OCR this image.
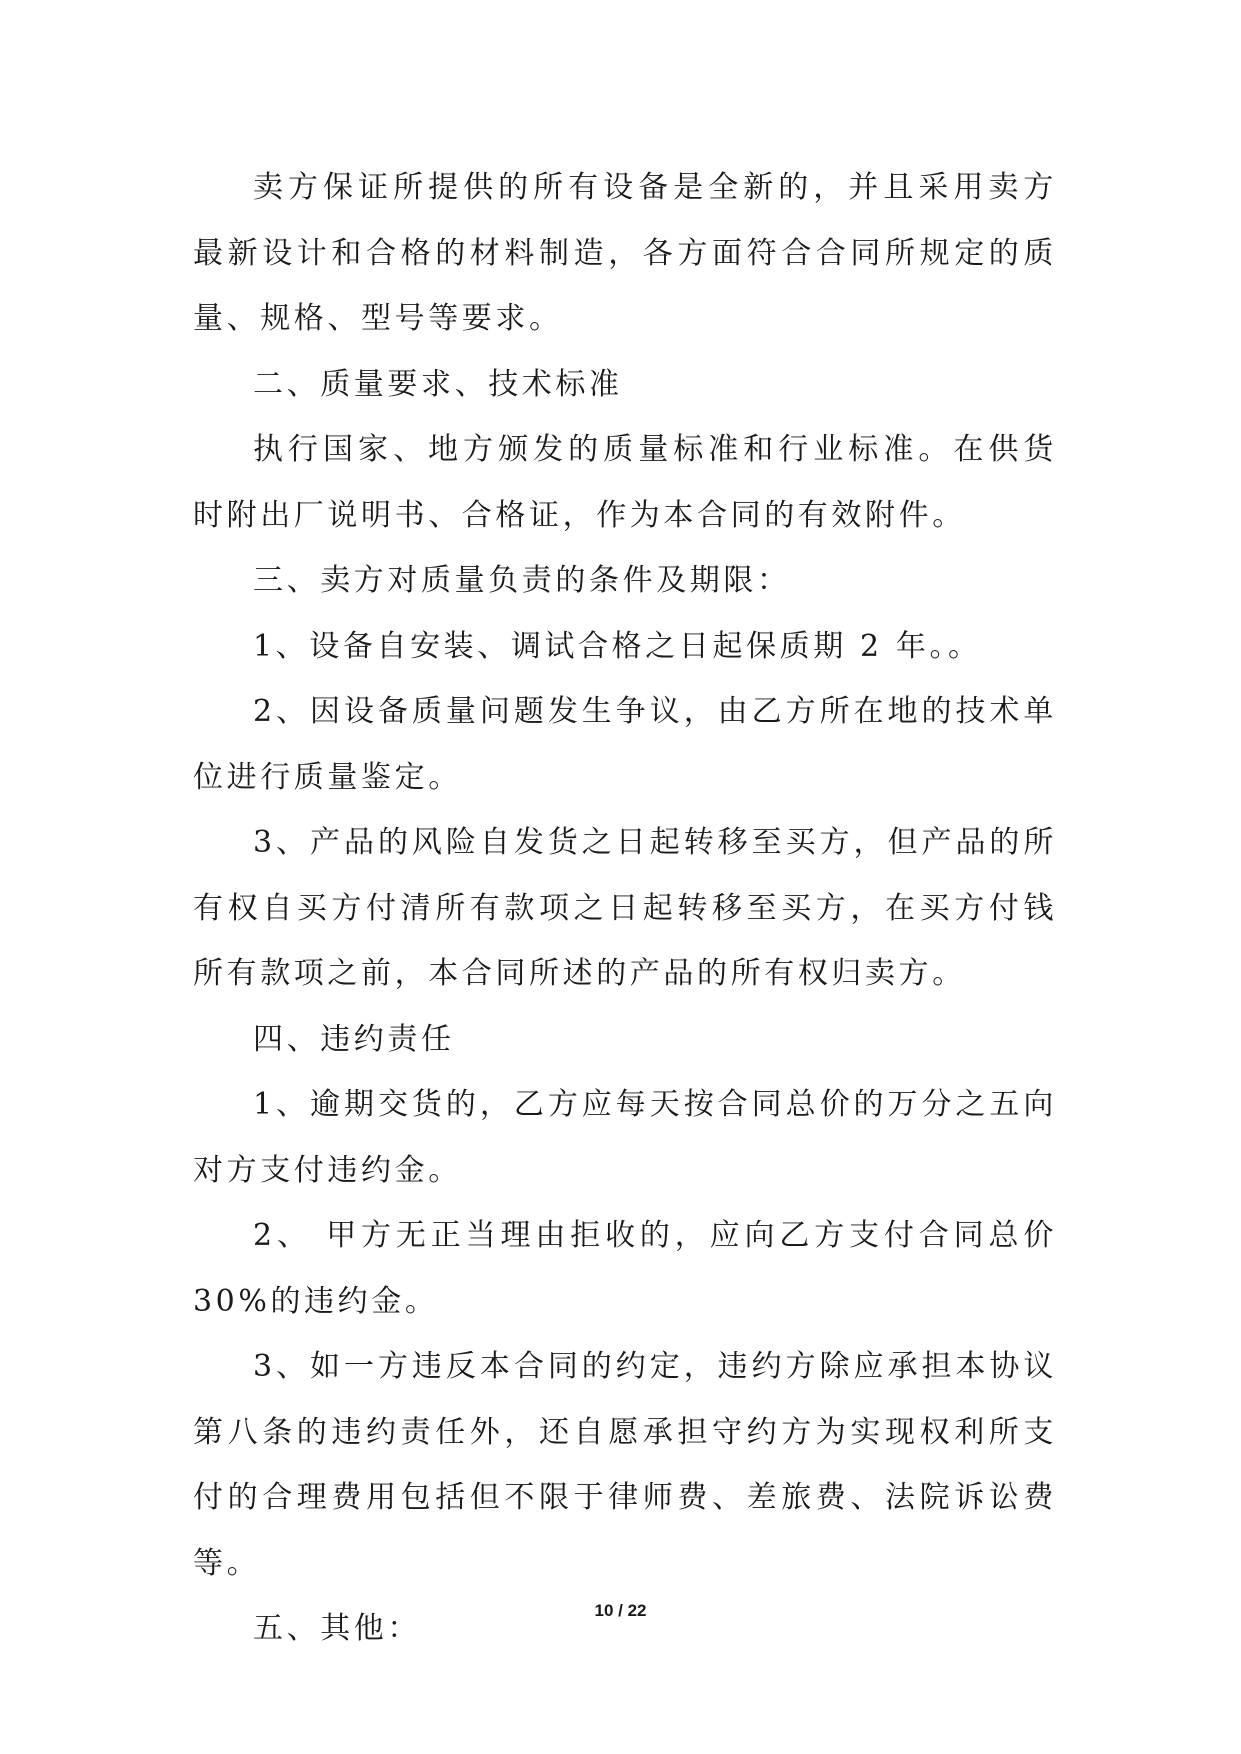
卖方保证所提供的所有设备是全新的，并且采用卖方最新设计和合格的材料制造，各方面符合合同所规定的质量、规格、型号等要求。

二、质量要求、技术标准

执行国家、地方颁发的质量标准和行业标准。在供货时附出厂说明书、合格证，作为本合同的有效附件。

三、卖方对质量负责的条件及期限：

1、设备自安装、调试合格之日起保质期 2 年。。

2、因设备质量问题发生争议，由乙方所在地的技术单位进行质量鉴定。

3、产品的风险自发货之日起转移至买方，但产品的所有权自买方付清所有款项之日起转移至买方，在买方付钱所有款项之前，本合同所述的产品的所有权归卖方。

四、违约责任

1、逾期交货的，乙方应每天按合同总价的万分之五向对方支付违约金。

2、 甲方无正当理由拒收的，应向乙方支付合同总价 30%的违约金。

3、如一方违反本合同的约定，违约方除应承担本协议第八条的违约责任外，还自愿承担守约方为实现权利所支付的合理费用包括但不限于律师费、差旅费、法院诉讼费等。

五、其他：

10 / 22
